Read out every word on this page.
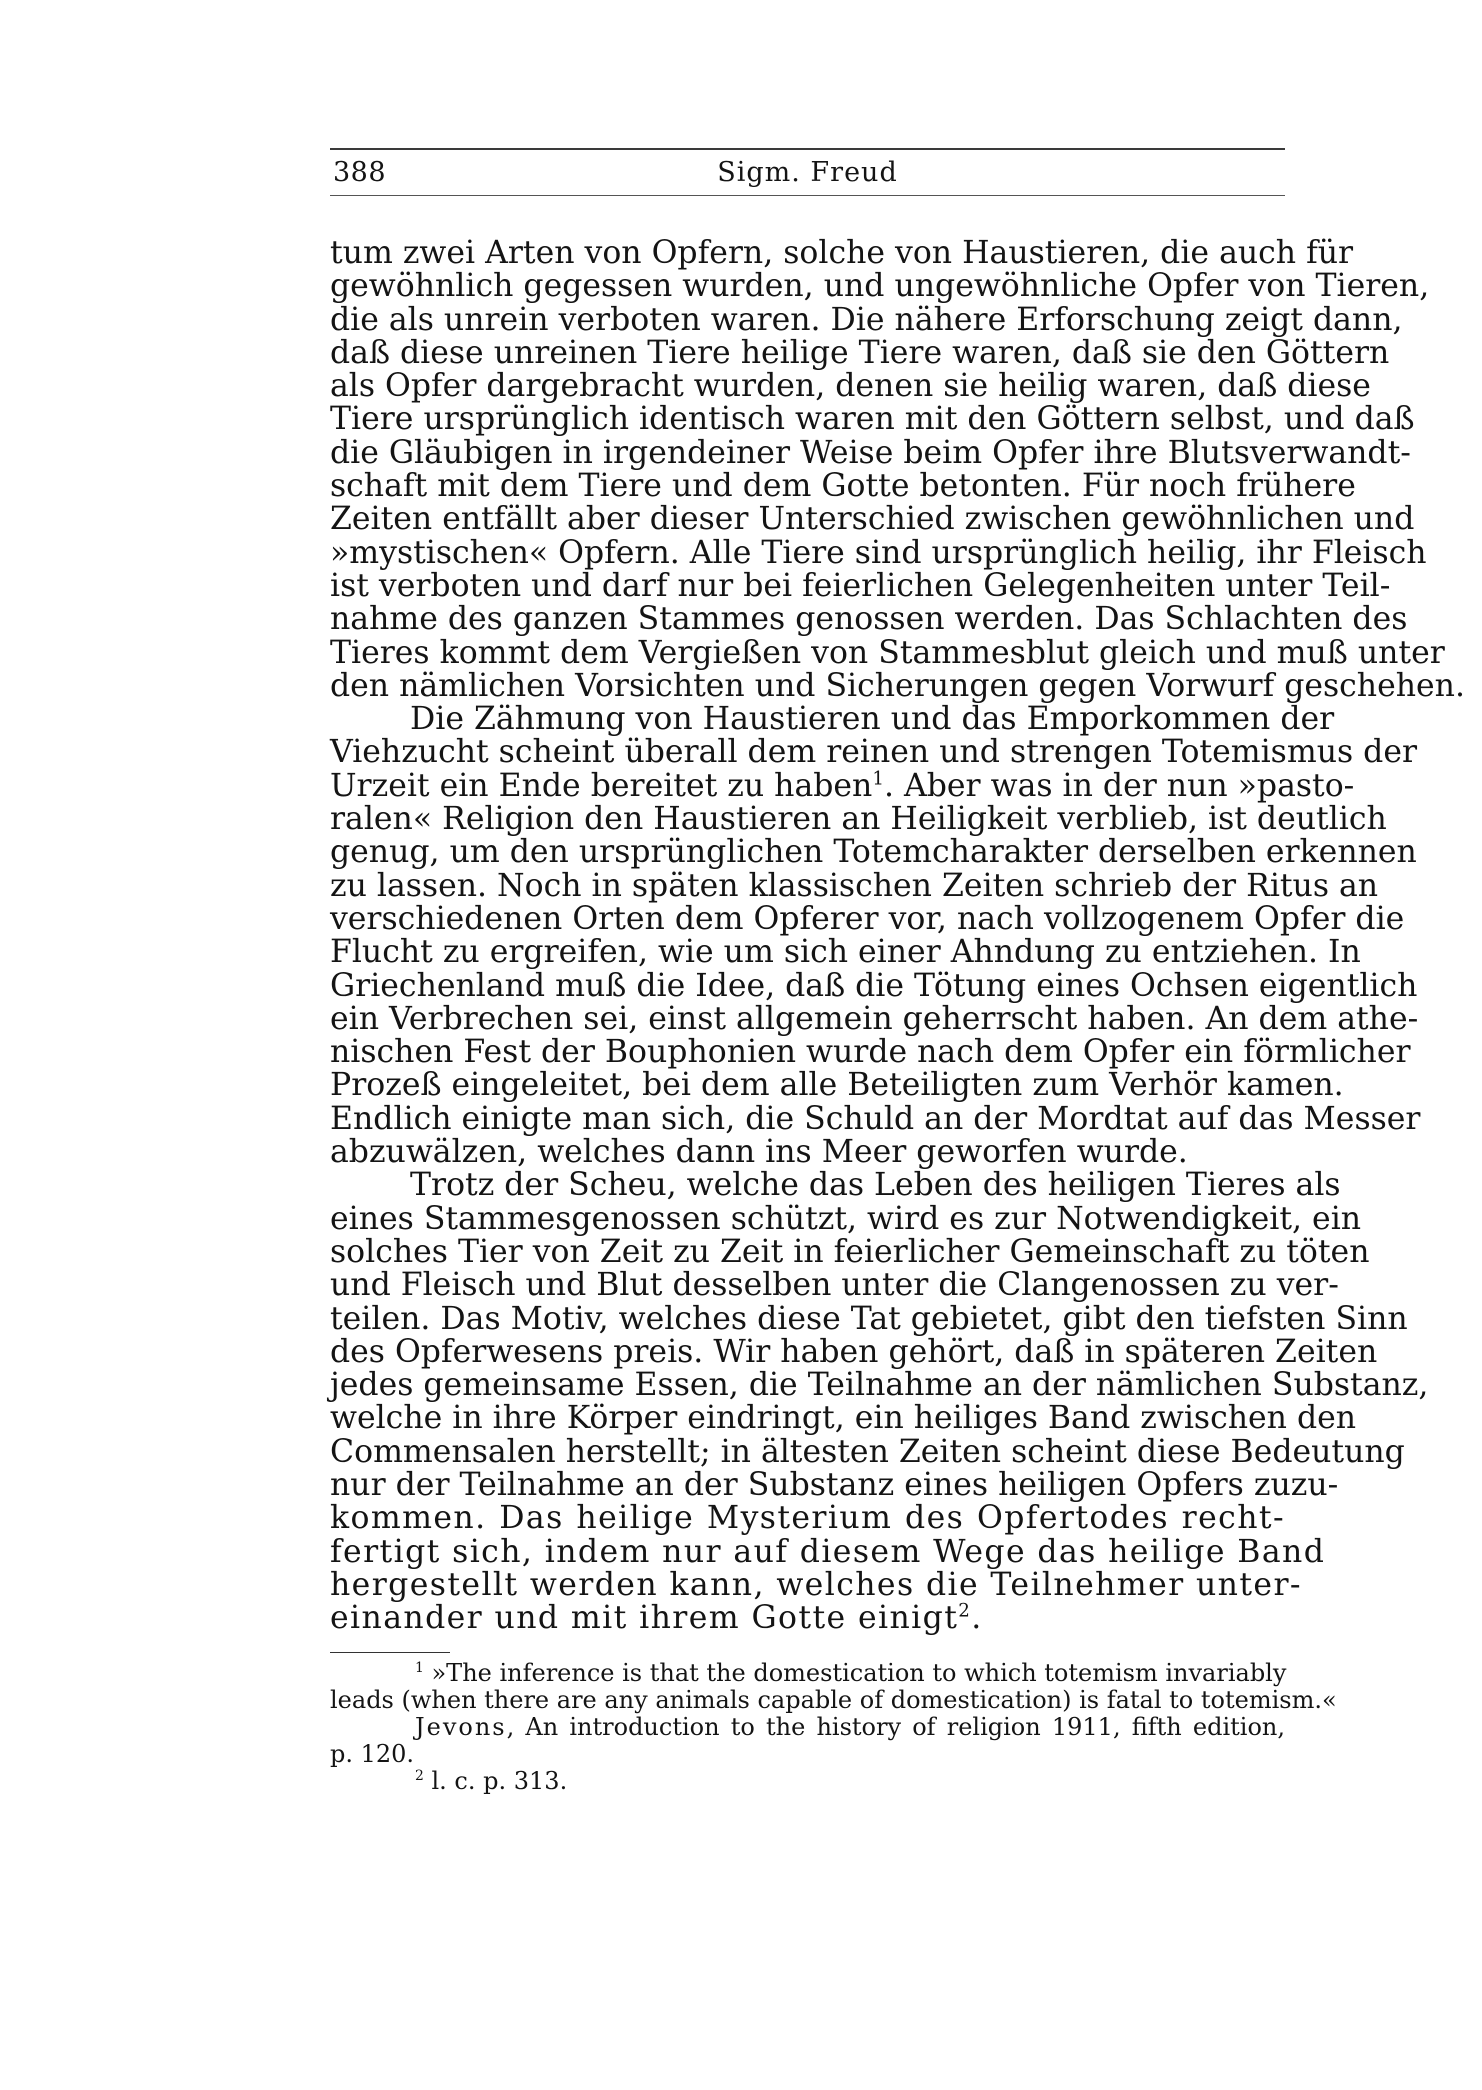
388	Sigm. Freud
tum zwei Arten von Opfern, solche von Haustieren, die auch für
gewöhnlich gegessen wurden, und ungewöhnliche Opfer von Tieren,
die als unrein verboten waren. Die nähere Erforschung zeigt dann,
daß diese unreinen Tiere heilige Tiere waren, daß sie den Göttern
als Opfer dargebracht wurden, denen sie heilig waren, daß diese
Tiere ursprünglich identisch waren mit den Göttern selbst, und daß
die Gläubigen in irgendeiner Weise beim Opfer ihre Blutsverwandt-
schaft mit dem Tiere und dem Gotte betonten. Für noch frühere
Zeiten entfällt aber dieser Unterschied zwischen gewöhnlichen und
»mystischen« Opfern. Alle Tiere sind ursprünglich heilig, ihr Fleisch
ist verboten und darf nur bei feierlichen Gelegenheiten unter Teil-
nahme des ganzen Stammes genossen werden. Das Schlachten des
Tieres kommt dem Vergießen von Stammesblut gleich und muß unter
den nämlichen Vorsichten und Sicherungen gegen Vorwurf geschehen.
Die Zähmung von Haustieren und das Emporkommen der
Viehzucht scheint überall dem reinen und strengen Totemismus der
Urzeit ein Ende bereitet zu haben$^1$. Aber was in der nun »pasto-
ralen« Religion den Haustieren an Heiligkeit verblieb, ist deutlich
genug, um den ursprünglichen Totemcharakter derselben erkennen
zu lassen. Noch in späten klassischen Zeiten schrieb der Ritus an
verschiedenen Orten dem Opferer vor, nach vollzogenem Opfer die
Flucht zu ergreifen, wie um sich einer Ahndung zu entziehen. In
Griechenland muß die Idee, daß die Tötung eines Ochsen eigentlich
ein Verbrechen sei, einst allgemein geherrscht haben. An dem athe-
nischen Fest der Bouphonien wurde nach dem Opfer ein förmlicher
Prozeß eingeleitet, bei dem alle Beteiligten zum Verhör kamen.
Endlich einigte man sich, die Schuld an der Mordtat auf das Messer
abzuwälzen, welches dann ins Meer geworfen wurde.
Trotz der Scheu, welche das Leben des heiligen Tieres als
eines Stammesgenossen schützt, wird es zur Notwendigkeit, ein
solches Tier von Zeit zu Zeit in feierlicher Gemeinschaft zu töten
und Fleisch und Blut desselben unter die Clangenossen zu ver-
teilen. Das Motiv, welches diese Tat gebietet, gibt den tiefsten Sinn
des Opferwesens preis. Wir haben gehört, daß in späteren Zeiten
jedes gemeinsame Essen, die Teilnahme an der nämlichen Substanz,
welche in ihre Körper eindringt, ein heiliges Band zwischen den
Commensalen herstellt; in ältesten Zeiten scheint diese Bedeutung
nur der Teilnahme an der Substanz eines heiligen Opfers zuzu-
kommen. Das heilige Mysterium des Opfertodes recht-
fertigt sich, indem nur auf diesem Wege das heilige Band
hergestellt werden kann, welches die Teilnehmer unter-
einander und mit ihrem Gotte einigt$^2$.
$^1$ »The inference is that the domestication to which totemism invariably
leads (when there are any animals capable of domestication) is fatal to totemism.«
Jevons, An introduction to the history of religion 1911, fifth edition,
p. 120.
$^2$ l. c. p. 313.
